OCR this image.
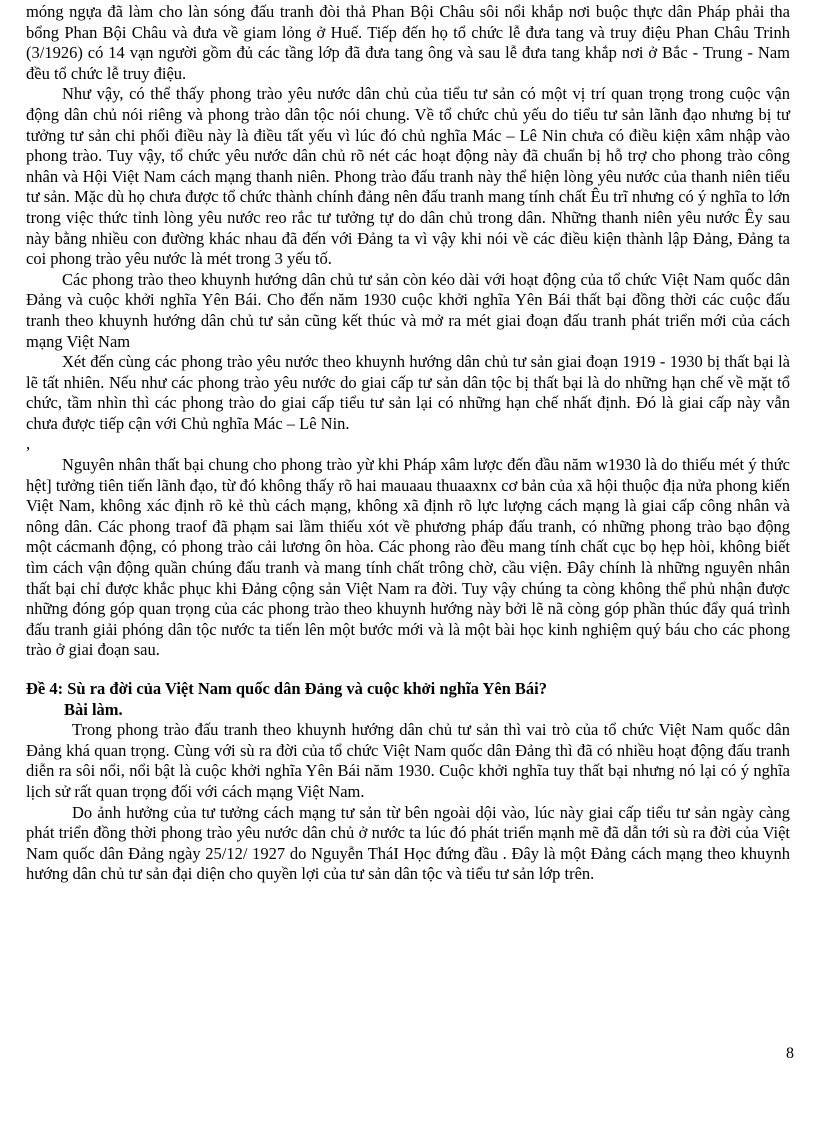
móng ngựa đã làm cho làn sóng đấu tranh đòi thả Phan Bội Châu sôi nổi khắp nơi buộc thực dân Pháp phải tha bổng Phan Bội Châu và đưa về giam lỏng ở Huế. Tiếp đến họ tổ chức lễ đưa tang và truy điệu Phan Châu Trinh (3/1926) có 14 vạn người gồm đủ các tầng lớp đã đưa tang ông và sau lễ đưa tang khắp nơi ở Bắc - Trung - Nam đều tổ chức lễ truy điệu.

Như vậy, có thể thấy phong trào yêu nước dân chủ của tiểu tư sản có một vị trí quan trọng trong cuộc vận động dân chủ nói riêng và phong trào dân tộc nói chung. Về tổ chức chủ yếu do tiểu tư sản lãnh đạo nhưng bị tư tưởng tư sản chi phối điều này là điều tất yếu vì lúc đó chủ nghĩa Mác – Lê Nin chưa có điều kiện xâm nhập vào phong trào. Tuy vậy, tổ chức yêu nước dân chủ rõ nét các hoạt động này đã chuẩn bị hỗ trợ cho phong trào công nhân và Hội Việt Nam cách mạng thanh niên. Phong trào đấu tranh này thể hiện lòng yêu nước của thanh niên tiểu tư sản. Mặc dù họ chưa được tổ chức thành chính đảng nên đấu tranh mang tính chất Êu trĩ nhưng có ý nghĩa to lớn trong việc thức tỉnh lòng yêu nước reo rắc tư tưởng tự do dân chủ trong dân. Những thanh niên yêu nước Êy sau này bằng nhiều con đường khác nhau đã đến với Đảng ta vì vậy khi nói về các điều kiện thành lập Đảng, Đảng ta coi phong trào yêu nước là mét trong 3 yếu tố.

Các phong trào theo khuynh hướng dân chủ tư sản còn kéo dài với hoạt động của tổ chức Việt Nam quốc dân Đảng và cuộc khởi nghĩa Yên Bái. Cho đến năm 1930 cuộc khởi nghĩa Yên Bái thất bại đồng thời các cuộc đấu tranh theo khuynh hướng dân chủ tư sản cũng kết thúc và mở ra mét giai đoạn đấu tranh phát triển mới của cách mạng Việt Nam

Xét đến cùng các phong trào yêu nước theo khuynh hướng dân chủ tư sản giai đoạn 1919 - 1930 bị thất bại là lẽ tất nhiên. Nếu như các phong trào yêu nước do giai cấp tư sản dân tộc bị thất bại là do những hạn chế về mặt tổ chức, tầm nhìn thì các phong trào do giai cấp tiểu tư sản lại có những hạn chế nhất định. Đó là giai cấp này vẫn chưa được tiếp cận với Chủ nghĩa Mác – Lê Nin.

,

Nguyên nhân thất bại chung cho phong trào yừ khi Pháp xâm lược đến đầu năm w1930 là do thiếu mét ý thức hệt] tưởng tiên tiến lãnh đạo, từ đó không thấy rõ hai mauaau thuaaxnx cơ bản của xã hội thuộc địa nửa phong kiến Việt Nam, không xác định rõ kẻ thù cách mạng, không xã định rõ lực lượng cách mạng là giai cấp công nhân và nông dân. Các phong traof đã phạm sai lầm thiếu xót về phương pháp đấu tranh, có những phong trào bạo động một cácmanh động, có phong trào cải lương ôn hòa. Các phong rào đều mang tính chất cục bọ hẹp hòi, không biết tìm cách vận động quần chúng đấu tranh và mang tính chất trông chờ, cầu viện. Đây chính là những nguyên nhân thất bại chỉ được khắc phục khi Đảng cộng sản Việt Nam ra đời. Tuy vậy chúng ta còng không thể phủ nhận được những đóng góp quan trọng của các phong trào theo khuynh hướng này bởi lẽ nã còng góp phần thúc đẩy quá trình đấu tranh giải phóng dân tộc nước ta tiến lên một bước mới và là một bài học kinh nghiệm quý báu cho các phong trào ở giai đoạn sau.

Đề 4: Sù ra đời của Việt Nam quốc dân Đảng và cuộc khởi nghĩa Yên Bái?

Bài làm.

Trong phong trào đấu tranh theo khuynh hướng dân chủ tư sản thì vai trò của tổ chức Việt Nam quốc dân Đảng khá quan trọng. Cùng với sù ra đời của tổ chức Việt Nam quốc dân Đảng thì đã có nhiều hoạt động đấu tranh diễn ra sôi nổi, nổi bật là cuộc khởi nghĩa Yên Bái năm 1930. Cuộc khởi nghĩa tuy thất bại nhưng nó lại có ý nghĩa lịch sử rất quan trọng đối với cách mạng Việt Nam.

Do ảnh hưởng của tư tưởng cách mạng tư sản từ bên ngoài dội vào, lúc này giai cấp tiểu tư sản ngày càng phát triển đồng thời phong trào yêu nước dân chủ ở nước ta lúc đó phát triển mạnh mẽ đã dẫn tới sù ra đời của Việt Nam quốc dân Đảng ngày 25/12/ 1927 do Nguyễn TháI Học đứng đầu . Đây là một Đảng cách mạng theo khuynh hướng dân chủ tư sản đại diện cho quyền lợi của tư sản dân tộc và tiểu tư sản lớp trên.

8
